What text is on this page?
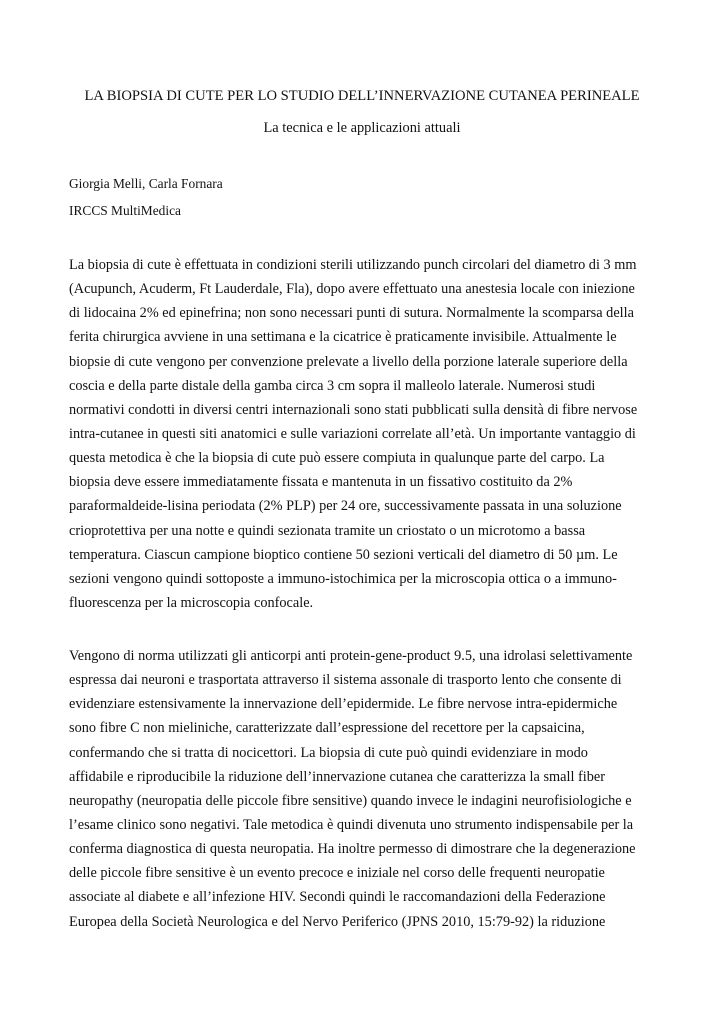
LA BIOPSIA DI CUTE PER LO STUDIO DELL’INNERVAZIONE CUTANEA PERINEALE
La tecnica e le applicazioni attuali
Giorgia Melli, Carla Fornara
IRCCS MultiMedica
La biopsia di cute è effettuata in condizioni sterili utilizzando punch circolari del diametro di 3 mm
(Acupunch, Acuderm, Ft Lauderdale, Fla), dopo avere effettuato una anestesia locale con iniezione
di lidocaina 2% ed epinefrina; non sono necessari punti di sutura. Normalmente la scomparsa della
ferita chirurgica avviene in una settimana e la cicatrice è praticamente invisibile. Attualmente le
biopsie di cute vengono per convenzione prelevate a livello della porzione laterale superiore della
coscia e della parte distale della gamba circa 3 cm sopra il malleolo laterale. Numerosi studi
normativi condotti in diversi centri internazionali sono stati pubblicati sulla densità di fibre nervose
intra-cutanee in questi siti anatomici e sulle variazioni correlate all’età. Un importante vantaggio di
questa metodica è che la biopsia di cute può essere compiuta in qualunque parte del carpo. La
biopsia deve essere immediatamente fissata e mantenuta in un fissativo costituito da 2%
paraformaldeide-lisina periodata (2% PLP) per 24 ore, successivamente passata in una soluzione
crioprotettiva per una notte e quindi sezionata tramite un criostato o un microtomo a bassa
temperatura. Ciascun campione bioptico contiene 50 sezioni verticali del diametro di 50 µm. Le
sezioni vengono quindi sottoposte a immuno-istochimica per la microscopia ottica o a immuno-
fluorescenza per la microscopia confocale.
Vengono di norma utilizzati gli anticorpi anti protein-gene-product 9.5, una idrolasi selettivamente
espressa dai neuroni e trasportata attraverso il sistema assonale di trasporto lento che consente di
evidenziare estensivamente la innervazione dell’epidermide. Le fibre nervose intra-epidermiche
sono fibre C non mieliniche, caratterizzate dall’espressione del recettore per la capsaicina,
confermando che si tratta di nocicettori. La biopsia di cute può quindi evidenziare in modo
affidabile e riproducibile la riduzione dell’innervazione cutanea che caratterizza la small fiber
neuropathy (neuropatia delle piccole fibre sensitive) quando invece le indagini neurofisiologiche e
l’esame clinico sono negativi. Tale metodica è quindi divenuta uno strumento indispensabile per la
conferma diagnostica di questa neuropatia. Ha inoltre permesso di dimostrare che la degenerazione
delle piccole fibre sensitive è un evento precoce e iniziale nel corso delle frequenti neuropatie
associate al diabete e all’infezione HIV. Secondi quindi le raccomandazioni della Federazione
Europea della Società Neurologica e del Nervo Periferico (JPNS 2010, 15:79-92) la riduzione
